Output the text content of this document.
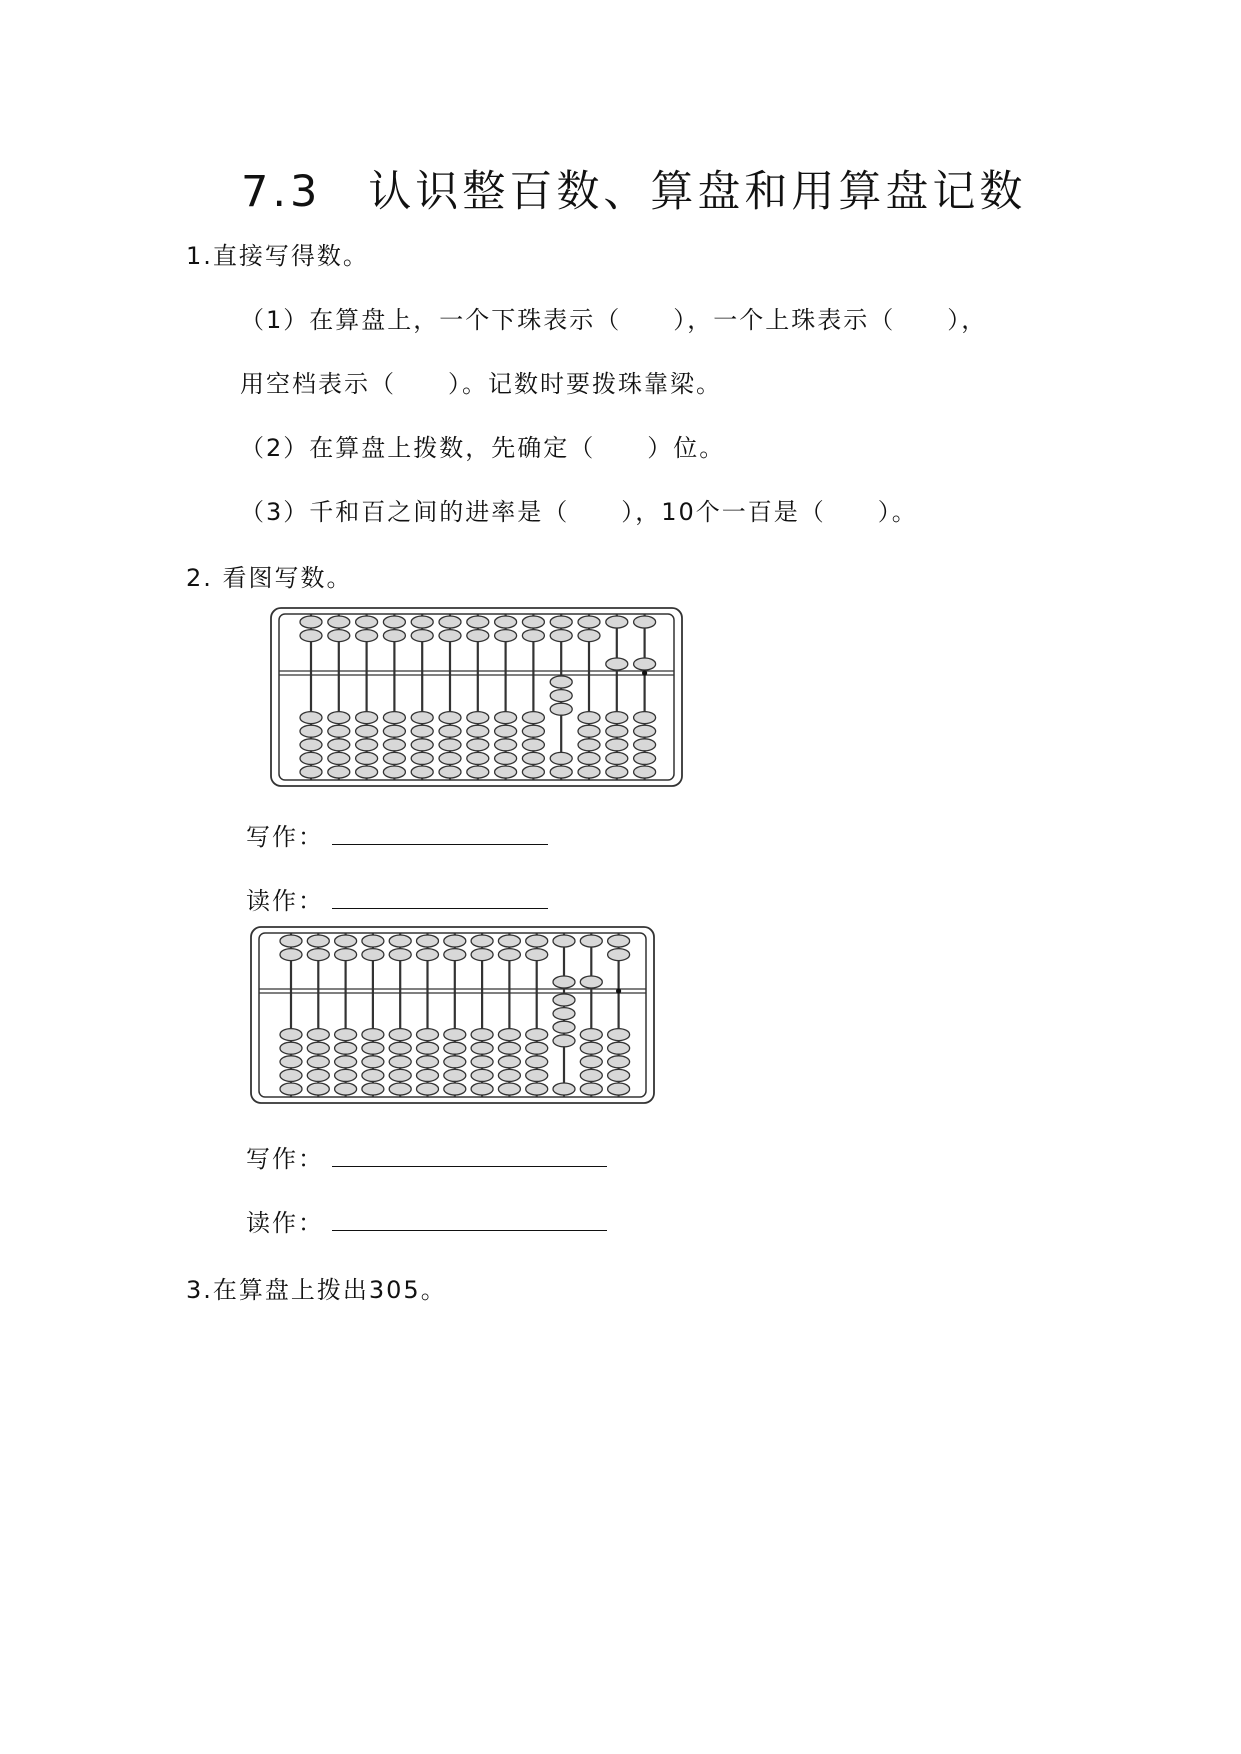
7.3　认识整百数、算盘和用算盘记数
1.直接写得数。
（1）在算盘上，一个下珠表示（　　），一个上珠表示（　　），
用空档表示（　　）。记数时要拨珠靠梁。
（2）在算盘上拨数，先确定（　　）位。
（3）千和百之间的进率是（　　），10个一百是（　　）。
2. 看图写数。
写作：
读作：
写作：
读作：
3.在算盘上拨出305。
